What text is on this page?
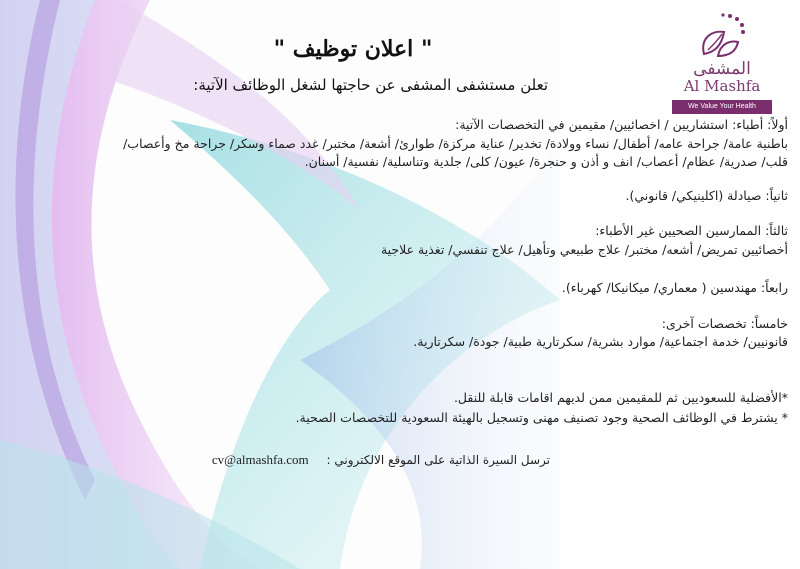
المشفى
Al Mashfa
We Value Your Health
" اعلان توظيف "
تعلن مستشفى المشفى عن حاجتها لشغل الوظائف الآتية:

أولاً: أطباء: استشاريين / اخصائيين/ مقيمين في التخصصات الآتية:

باطنية عامة/ جراحة عامه/ أطفال/ نساء وولادة/ تخدير/ عناية مركزة/ طوارئ/ أشعة/ مختبر/ غدد صماء وسكر/ جراحة مخ وأعصاب/

قلب/ صدرية/ عظام/ أعصاب/ انف و أذن و حنجرة/ عيون/ كلى/ جلدية وتناسلية/ نفسية/ أسنان.

ثانياً: صيادلة (اكلينيكي/ قانوني).

ثالثاً: الممارسين الصحيين غير الأطباء:

أخصائيين تمريض/ أشعه/ مختبر/ علاج طبيعي وتأهيل/ علاج تنفسي/ تغذية علاجية

رابعاً: مهندسين ( معماري/ ميكانيكا/ كهرباء).

خامساً: تخصصات آخرى:

قانونيين/ خدمة اجتماعية/ موارد بشرية/ سكرتارية طبية/ جودة/ سكرتارية.

*الأفضلية للسعوديين ثم للمقيمين ممن لديهم اقامات قابلة للنقل.

* يشترط في الوظائف الصحية وجود تصنيف مهنى وتسجيل بالهيئة السعودية للتخصصات الصحية.

ترسل السيرة الذاتية على الموقع الالكتروني : cv@almashfa.com
